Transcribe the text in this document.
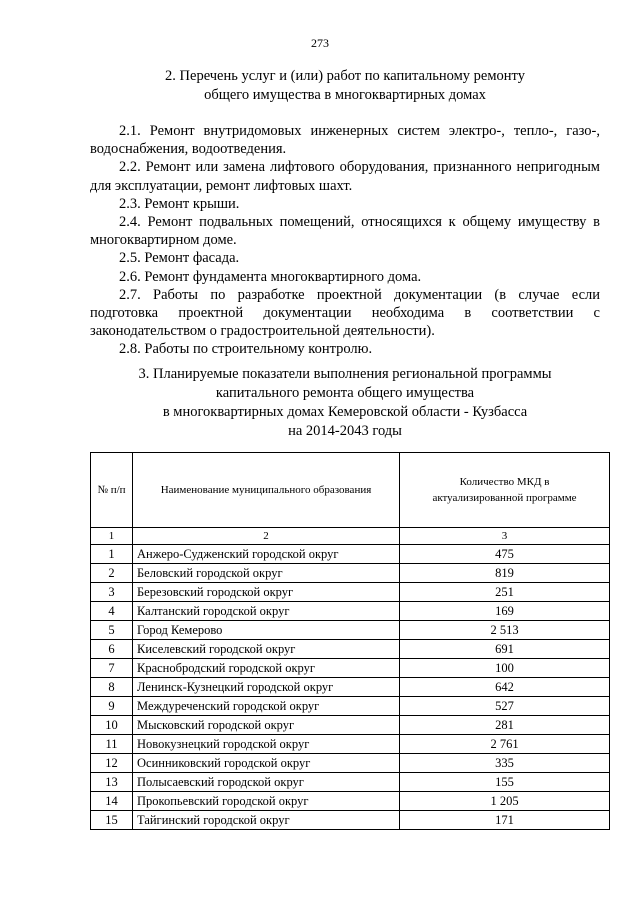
273
2. Перечень услуг и (или) работ по капитальному ремонту
общего имущества в многоквартирных домах

2.1. Ремонт внутридомовых инженерных систем электро-, тепло-, газо-, водоснабжения, водоотведения.

2.2. Ремонт или замена лифтового оборудования, признанного непригодным для эксплуатации, ремонт лифтовых шахт.

2.3. Ремонт крыши.

2.4. Ремонт подвальных помещений, относящихся к общему имуществу в многоквартирном доме.

2.5. Ремонт фасада.

2.6. Ремонт фундамента многоквартирного дома.

2.7. Работы по разработке проектной документации (в случае если подготовка проектной документации необходима в соответствии с законодательством о градостроительной деятельности).

2.8. Работы по строительному контролю.

3. Планируемые показатели выполнения региональной программы
капитального ремонта общего имущества
в многоквартирных домах Кемеровской области - Кузбасса
на 2014-2043 годы
№ п/п	Наименование муниципального образования	Количество МКД в актуализированной программе
1	2	3
1	Анжеро-Судженский городской округ	475
2	Беловский городской округ	819
3	Березовский городской округ	251
4	Калтанский городской округ	169
5	Город Кемерово	2 513
6	Киселевский городской округ	691
7	Краснобродский городской округ	100
8	Ленинск-Кузнецкий городской округ	642
9	Междуреченский городской округ	527
10	Мысковский городской округ	281
11	Новокузнецкий городской округ	2 761
12	Осинниковский городской округ	335
13	Полысаевский городской округ	155
14	Прокопьевский городской округ	1 205
15	Тайгинский городской округ	171
